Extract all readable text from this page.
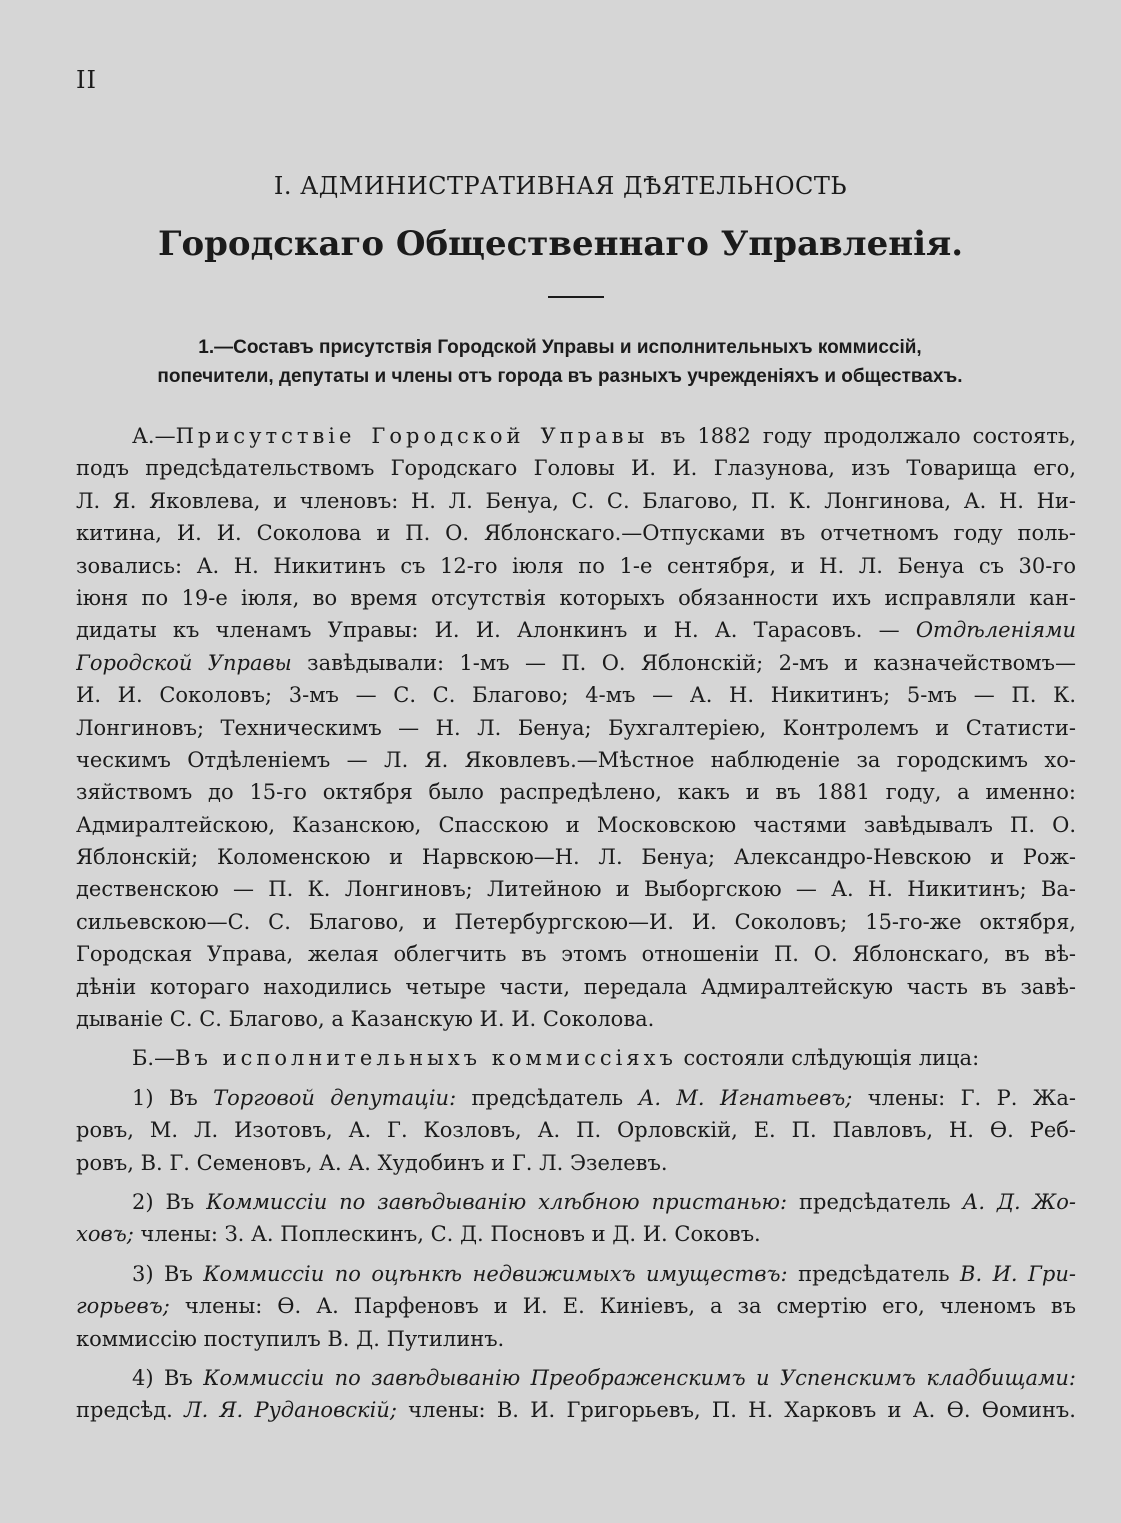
II
I. АДМИНИСТРАТИВНАЯ ДѢЯТЕЛЬНОСТЬ
Городскаго Общественнаго Управленія.
1.—Составъ присутствія Городской Управы и исполнительныхъ коммиссій,
попечители, депутаты и члены отъ города въ разныхъ учрежденіяхъ и обществахъ.
А.—Присутствіе Городской Управы въ 1882 году продолжало состоять,
подъ предсѣдательствомъ Городскаго Головы И. И. Глазунова, изъ Товарища его,
Л. Я. Яковлева, и членовъ: Н. Л. Бенуа, С. С. Благово, П. К. Лонгинова, А. Н. Ни-
китина, И. И. Соколова и П. О. Яблонскаго.—Отпусками въ отчетномъ году поль-
зовались: А. Н. Никитинъ съ 12-го іюля по 1-е сентября, и Н. Л. Бенуа съ 30-го
іюня по 19-е іюля, во время отсутствія которыхъ обязанности ихъ исправляли кан-
дидаты къ членамъ Управы: И. И. Алонкинъ и Н. А. Тарасовъ. — Отдѣленіями
Городской Управы завѣдывали: 1-мъ — П. О. Яблонскій; 2-мъ и казначействомъ—
И. И. Соколовъ; 3-мъ — С. С. Благово; 4-мъ — А. Н. Никитинъ; 5-мъ — П. К.
Лонгиновъ; Техническимъ — Н. Л. Бенуа; Бухгалтеріею, Контролемъ и Статисти-
ческимъ Отдѣленіемъ — Л. Я. Яковлевъ.—Мѣстное наблюденіе за городскимъ хо-
зяйствомъ до 15-го октября было распредѣлено, какъ и въ 1881 году, а именно:
Адмиралтейскою, Казанскою, Спасскою и Московскою частями завѣдывалъ П. О.
Яблонскій; Коломенскою и Нарвскою—Н. Л. Бенуа; Александро-Невскою и Рож-
дественскою — П. К. Лонгиновъ; Литейною и Выборгскою — А. Н. Никитинъ; Ва-
сильевскою—С. С. Благово, и Петербургскою—И. И. Соколовъ; 15-го-же октября,
Городская Управа, желая облегчить въ этомъ отношеніи П. О. Яблонскаго, въ вѣ-
дѣніи котораго находились четыре части, передала Адмиралтейскую часть въ завѣ-
дываніе С. С. Благово, а Казанскую И. И. Соколова.
Б.—Въ исполнительныхъ коммиссіяхъ состояли слѣдующія лица:
1) Въ Торговой депутаціи: предсѣдатель А. М. Игнатьевъ; члены: Г. Р. Жа-
ровъ, М. Л. Изотовъ, А. Г. Козловъ, А. П. Орловскій, Е. П. Павловъ, Н. Ѳ. Реб-
ровъ, В. Г. Семеновъ, А. А. Худобинъ и Г. Л. Эзелевъ.
2) Въ Коммиссіи по завѣдыванію хлѣбною пристанью: предсѣдатель А. Д. Жо-
ховъ; члены: З. А. Поплескинъ, С. Д. Посновъ и Д. И. Соковъ.
3) Въ Коммиссіи по оцѣнкѣ недвижимыхъ имуществъ: предсѣдатель В. И. Гри-
горьевъ; члены: Ѳ. А. Парфеновъ и И. Е. Киніевъ, а за смертію его, членомъ въ
коммиссію поступилъ В. Д. Путилинъ.
4) Въ Коммиссіи по завѣдыванію Преображенскимъ и Успенскимъ кладбищами:
предсѣд. Л. Я. Рудановскій; члены: В. И. Григорьевъ, П. Н. Харковъ и А. Ѳ. Ѳоминъ.
